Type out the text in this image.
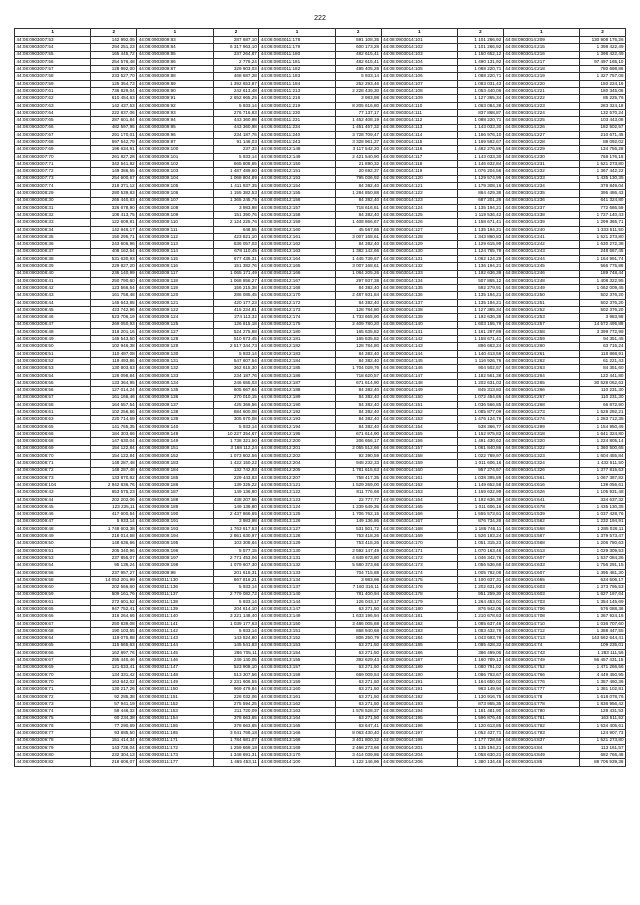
222
1	2	1	2	1	2	1	2	1	2
44:08:0903007:53	142 992,05	44:08:0903009:83	287 687,10	44:08:0903011:178	591 108,35	44:08:0903014:101	1 101 266,92	44:08:0903014:209	130 908 176,26
44:08:0903007:54	294 251,23	44:08:0903009:84	6 317 963,10	44:08:0903011:179	600 173,28	44:08:0903014:102	1 101 266,92	44:08:0903014:215	1 398 422,49
44:08:0903007:55	165 445,72	44:08:0903009:85	337 264,87	44:08:0903011:180	482 615,41	44:08:0903014:103	1 150 652,12	44:08:0903014:216	1 398 422,49
44:08:0903007:56	254 576,48	44:08:0903009:86	2 776,24	44:08:0903011:181	482 615,41	44:08:0903014:104	1 490 131,92	44:08:0903014:217	97 497 165,10
44:08:0903007:57	128 892,00	44:08:0903009:87	329 903,03	44:08:0903011:182	495 405,26	44:08:0903014:105	1 088 220,71	44:08:0903014:218	780 698,86
44:08:0903007:58	233 527,70	44:08:0903009:88	468 687,28	44:08:0903011:183	5 933,14	44:08:0903014:106	1 088 220,71	44:08:0903014:219	1 327 757,08
44:08:0903007:59	125 354,73	44:08:0903009:89	1 392 653,87	44:08:0903011:184	252 293,46	44:08:0903014:107	1 083 031,43	44:08:0903014:220	150 224,16
44:08:0903007:61	736 829,04	44:08:0903009:90	242 613,48	44:08:0903011:213	2 228 439,30	44:08:0903014:108	1 053 440,06	44:08:0903014:221	180 345,06
44:08:0903007:62	610 454,63	44:08:0903009:91	2 652 665,25	44:08:0903011:218	3 983,98	44:08:0903014:109	1 127 365,34	44:08:0903014:222	85 225,76
44:08:0903007:63	142 437,53	44:08:0903009:92	5 933,14	44:08:0903011:219	8 205 616,80	44:08:0903014:110	1 063 084,38	44:08:0903014:223	283 324,18
44:08:0903007:64	222 837,06	44:08:0903009:93	276 716,83	44:08:0903011:230	77 137,17	44:08:0903014:111	837 868,87	44:08:0903014:224	132 570,24
44:08:0903007:65	287 601,84	44:08:0903009:94	443 360,98	44:08:0903011:231	1 452 408,19	44:08:0903014:112	1 088 220,71	44:08:0903014:225	103 443,08
44:08:0903007:66	482 597,95	44:08:0903009:95	443 360,98	44:08:0903011:234	1 451 457,32	44:08:0903014:113	1 143 033,30	44:08:0903014:226	182 502,57
44:08:0903007:67	291 170,01	44:08:0903009:96	234 187,76	44:08:0903011:240	3 728 709,47	44:08:0903014:114	1 166 976,10	44:08:0903014:227	210 671,45
44:08:0903007:68	597 542,79	44:08:0903009:97	91 148,03	44:08:0903011:243	3 328 961,37	44:08:0903014:115	1 169 592,67	44:08:0903014:228	89 092,02
44:08:0903007:69	196 634,91	44:08:0903009:100	237,33	44:08:0903012:148	3 117 542,20	44:08:0903014:116	1 482 276,86	44:08:0903014:229	134 756,28
44:08:0903007:70	261 827,28	44:08:0903009:101	5 933,14	44:08:0903012:149	2 421 540,90	44:08:0903014:117	1 143 033,30	44:08:0903014:230	768 176,18
44:08:0903007:71	342 541,82	44:08:0903009:102	665 808,65	44:08:0903012:150	21 890,32	44:08:0903014:118	1 146 632,84	44:08:0903014:231	1 521 273,80
44:08:0903007:72	149 386,55	44:08:0903009:103	1 487 489,60	44:08:0903012:151	20 692,37	44:08:0903014:119	1 076 204,56	44:08:0903014:232	1 367 442,22
44:08:0903007:73	254 600,67	44:08:0903009:104	1 068 804,89	44:08:0903012:153	795 036,92	44:08:0903014:120	1 129 574,99	44:08:0903014:233	1 435 130,35
44:08:0903007:74	218 371,12	44:08:0903009:105	1 411 937,35	44:08:0903012:154	84 382,40	44:08:0903014:121	1 179 308,16	44:08:0903014:234	378 849,04
44:08:0903008:29	280 539,83	44:08:0903009:106	1 155 382,53	44:08:0903012:155	1 284 850,88	44:08:0903014:122	864 429,38	44:08:0903014:235	395 486,43
44:08:0903008:30	265 440,83	44:08:0903009:107	1 365 245,75	44:08:0903012:156	84 382,40	44:08:0903014:123	687 201,28	44:08:0903014:236	641 324,80
44:08:0903008:31	326 678,90	44:08:0903009:108	3 983,98	44:08:0903012:157	718 616,61	44:08:0903014:124	1 135 194,21	44:08:0903014:237	772 686,59
44:08:0903008:32	108 413,75	44:08:0903009:109	151 390,76	44:08:0903012:158	84 382,40	44:08:0903014:125	1 119 536,42	44:08:0903014:238	1 727 140,43
44:08:0903008:33	122 609,81	44:08:0903009:110	2 124 225,76	44:08:0903012:159	1 408 866,67	44:08:0903014:126	1 158 671,41	44:08:0903014:239	1 299 365,71
44:08:0903008:34	142 846,17	44:08:0903009:111	648,55	44:08:0903012:160	45 567,65	44:08:0903014:127	1 135 194,21	44:08:0903014:240	1 333 511,50
44:08:0903008:35	150 295,71	44:08:0903009:112	423 821,10	44:08:0903012:161	3 007 168,61	44:08:0903014:128	1 343 860,83	44:08:0903014:241	1 521 273,80
44:08:0903008:36	243 606,96	44:08:0903009:113	836 057,03	44:08:0903012:162	84 382,40	44:08:0903014:129	1 129 615,99	44:08:0903014:242	1 630 272,38
44:08:0903008:37	408 162,54	44:08:0903009:114	678 110,45	44:08:0903012:163	1 382 142,66	44:08:0903014:130	1 124 765,79	44:08:0903014:243	248 667,45
44:08:0903008:38	531 630,93	44:08:0903009:115	677 436,31	44:08:0903012:164	1 445 739,67	44:08:0903014:131	1 062 124,29	44:08:0903014:244	1 164 991,74
44:08:0903008:39	229 827,20	44:08:0903009:116	151 382,76	44:08:0903012:165	3 007 168,61	44:08:0903014:132	1 136 194,21	44:08:0903014:245	566 775,88
44:08:0903008:40	236 140,99	44:08:0903009:117	1 065 171,49	44:08:0903012:166	1 084 205,26	44:08:0903014:133	1 192 636,39	44:08:0903014:246	189 748,44
44:08:0903008:41	250 790,60	44:08:0903009:118	1 068 856,27	44:08:0903012:167	297 937,38	44:08:0903014:134	507 865,12	44:08:0903014:248	1 408 322,95
44:08:0903008:42	123 566,54	44:08:0903009:119	156 215,38	44:08:0903012:168	84 382,40	44:08:0903014:135	592 279,91	44:08:0903014:249	1 062 009,45
44:08:0903008:43	161 758,48	44:08:0903009:120	286 085,45	44:08:0903012:170	2 487 931,84	44:08:0903014:136	1 135 194,21	44:08:0903014:250	502 376,20
44:08:0903008:44	145 643,85	44:08:0903009:121	420 177,23	44:08:0903012:172	84 382,40	44:08:0903014:137	1 135 194,21	44:08:0903014:251	502 376,20
44:08:0903008:45	423 742,96	44:08:0903009:122	415 224,81	44:08:0903012:173	128 784,80	44:08:0903014:138	1 127 365,34	44:08:0903014:252	502 376,20
44:08:0903008:46	523 706,19	44:08:0903009:124	274 113,32	44:08:0903012:174	1 733 665,90	44:08:0903014:139	1 192 636,39	44:08:0903014:253	3 983,98
44:08:0903008:47	269 050,93	44:08:0903009:125	126 615,18	44:08:0903012:175	2 409 780,20	44:08:0903014:140	1 603 155,79	44:08:0903014:257	14 572 495,88
44:08:0903008:48	318 201,16	44:08:0903009:127	524 275,68	44:08:0903012:180	165 635,82	44:08:0903014:141	1 161 297,89	44:08:0903014:258	3 399 772,99
44:08:0903008:49	145 543,50	44:08:0903009:128	510 873,45	44:08:0903012:181	165 635,82	44:08:0903014:142	1 158 671,41	44:08:0903014:259	94 351,45
44:08:0903008:50	102 946,38	44:08:0903009:129	2 517 344,73	44:08:0903012:182	128 784,80	44:08:0903014:143	896 663,24	44:08:0903014:260	63 715,24
44:08:0903008:51	110 497,08	44:08:0903009:130	5 933,14	44:08:0903012:183	84 382,40	44:08:0903014:144	1 140 413,56	44:08:0903014:261	118 868,91
44:08:0903008:52	119 493,86	44:08:0903009:131	547 607,54	44:08:0903012:184	84 382,40	44:08:0903014:145	1 116 926,76	44:08:0903014:262	61 221,43
44:08:0903008:53	130 803,63	44:08:0903009:132	362 615,30	44:08:0903012:185	1 704 029,76	44:08:0903014:146	904 502,57	44:08:0903014:263	84 351,60
44:08:0903008:54	126 098,84	44:08:0903009:133	234 187,76	44:08:0903012:186	718 620,57	44:08:0903014:147	1 182 561,38	44:08:0903014:264	122 441,80
44:08:0903008:55	133 364,95	44:08:0903009:134	246 655,03	44:08:0903012:187	671 614,90	44:08:0903014:148	1 202 631,03	44:08:0903014:265	30 528 062,63
44:08:0903008:56	127 014,24	44:08:0903009:135	605 667,64	44:08:0903012:188	84 382,40	44:08:0903014:149	845 313,83	44:08:0903014:266	110 231,30
44:08:0903008:57	161 166,46	44:08:0903009:136	270 010,15	44:08:0903012:189	84 382,40	44:08:0903014:150	1 072 454,66	44:08:0903014:267	110 231,30
44:08:0903008:58	164 557,54	44:08:0903009:137	425 366,56	44:08:0903012:190	84 382,40	44:08:0903014:151	1 036 566,85	44:08:0903014:268	66 872,90
44:08:0903008:61	102 256,86	44:08:0903009:138	684 600,08	44:08:0903012:192	84 382,40	44:08:0903014:152	1 085 877,09	44:08:0903014:273	1 528 292,21
44:08:0903008:63	220 714,69	44:08:0903009:139	305 670,08	44:08:0903012:193	84 382,40	44:08:0903014:153	1 476 124,76	44:08:0903014:274	1 283 712,35
44:08:0903008:65	141 765,35	44:08:0903009:140	5 933,14	44:08:0903012:194	84 382,40	44:08:0903014:154	538 366,77	44:08:0903014:299	1 154 950,46
44:08:0903008:66	184 303,66	44:08:0903009:148	10 227 354,67	44:08:0903012:195	671 614,90	44:08:0903014:155	1 152 975,83	44:08:0903014:318	1 641 324,80
44:08:0903008:68	147 630,04	44:08:0903009:149	1 738 321,50	44:08:0903012:200	206 656,17	44:08:0903014:156	1 491 430,62	44:08:0903014:320	1 224 805,14
44:08:0903008:69	154 122,84	44:08:0903009:151	3 168 112,24	44:08:0903012:201	2 055 512,66	44:08:0903014:157	1 061 840,86	44:08:0903014:322	1 360 500,65
44:08:0903008:70	154 122,84	44:08:0903009:152	1 073 602,56	44:08:0903012:202	92 390,59	44:08:0903014:158	1 022 769,97	44:08:0903014:323	1 604 455,84
44:08:0903008:71	148 287,48	44:08:0903009:183	1 422 150,22	44:08:0903012:204	948 232,33	44:08:0903014:159	1 011 606,16	44:08:0903014:324	1 432 511,50
44:08:0903008:72	148 287,48	44:08:0903009:184	132 742,93	44:08:0903012:205	1 781 615,63	44:08:0903014:160	957 274,57	44:08:0903014:326	1 377 815,63
44:08:0903008:73	133 870,82	44:08:0903009:185	229 443,83	44:08:0903012:207	758 417,35	44:08:0903014:161	1 038 395,89	44:08:0903014:561	1 067 387,82
44:08:0903008:104	2 942 836,76	44:08:0903009:186	139 325,22	44:08:0903013:121	1 529 269,00	44:08:0903014:162	1 149 652,58	44:08:0903014:616	139 056,61
44:08:0903009:43	653 575,23	44:08:0903009:187	149 136,80	44:08:0903013:122	811 776,68	44:08:0903014:163	1 159 632,99	44:08:0903014:626	1 105 931,48
44:08:0903009:44	202 202,06	44:08:0903009:188	438 207,66	44:08:0903013:123	22 777,77	44:08:0903014:164	1 192 636,39	44:08:0903014:641	334 637,32
44:08:0903009:45	123 235,11	44:08:0903009:189	149 136,80	44:08:0903013:124	1 239 649,36	44:08:0903014:165	1 011 606,16	44:08:0903014:678	1 435 130,35
44:08:0903009:46	417 600,54	44:08:0903009:190	2 437 866,65	44:08:0903013:125	1 706 762,15	44:08:0903014:166	1 555 573,61	44:08:0903014:539	1 037 428,76
44:08:0903009:47	5 933,14	44:08:0903009:191	3 983,98	44:08:0903013:126	149 136,86	44:08:0903014:167	876 734,26	44:08:0903014:562	1 232 194,91
44:08:0903009:48	1 748 603,38	44:08:0903009:193	1 763 617,53	44:08:0903013:127	531 501,72	44:08:0903014:168	1 186 746,11	44:08:0903014:568	1 285 026,11
44:08:0903009:49	218 014,68	44:08:0903009:194	2 861 630,97	44:08:0903013:128	753 418,26	44:08:0903014:169	1 526 193,24	44:08:0903014:567	1 379 573,47
44:08:0903009:50	148 636,66	44:08:0903009:195	103 308,64	44:08:0903013:129	753 418,26	44:08:0903014:170	1 051 315,23	44:08:0903014:568	1 206 780,63
44:08:0903009:51	205 340,96	44:08:0903009:196	5 577,15	44:08:0903013:130	2 592 147,49	44:08:0903014:171	1 070 163,46	44:08:0903014:613	1 029 309,53
44:08:0903009:53	237 855,07	44:08:0903009:197	2 771 453,06	44:08:0903013:131	4 849 673,80	44:08:0903014:172	1 046 342,76	44:08:0903014:607	1 537 084,36
44:08:0903009:54	95 136,24	44:08:0903009:198	1 079 607,30	44:08:0903013:132	5 580 373,66	44:08:0903014:173	1 056 536,68	44:08:0903014:633	1 756 291,15
44:08:0903009:56	237 957,27	44:08:0903009:98	201 618,31	44:08:0903013:133	704 715,88	44:08:0903014:174	1 005 792,08	44:08:0903014:607	1 395 481,30
44:08:0903009:58	14 053 201,99	44:08:0903011:130	667 816,21	44:08:0903013:134	3 983,98	44:08:0903014:175	1 100 637,31	44:08:0903014:665	634 506,17
44:08:0903009:60	202 566,60	44:08:0903011:136	5 933,14	44:08:0903013:137	7 160 316,11	44:08:0903014:176	1 202 631,93	44:08:0903014:603	1 373 795,53
44:08:0903009:59	509 161,76	44:08:0903011:137	2 779 082,72	44:08:0903013:140	781 400,94	44:08:0903014:178	951 259,30	44:08:0903014:603	1 627 167,64
44:08:0903009:61	272 601,52	44:08:0903011:138	5 933,14	44:08:0903013:144	126 043,17	44:08:0903014:179	1 264 453,01	44:08:0903014:703	1 354 145,69
44:08:0903009:65	947 752,41	44:08:0903011:139	204 614,10	44:08:0903013:147	63 271,50	44:08:0903014:180	876 942,06	44:08:0903014:706	576 088,36
44:08:0903009:66	316 264,66	44:08:0903011:140	3 221 148,40	44:08:0903013:149	1 633 196,94	44:08:0903014:181	1 210 678,63	44:08:0903014:708	1 367 924,16
44:08:0903009:67	250 839,08	44:08:0903011:141	1 039 177,63	44:08:0903013:150	3 486 005,68	44:08:0903014:182	1 085 637,46	44:08:0903014:710	1 036 707,60
44:08:0903009:68	190 103,55	44:08:0903011:142	5 933,14	44:08:0903013:151	868 940,68	44:08:0903014:183	1 053 432,79	44:08:0903014:712	1 388 447,55
44:08:0903009:64	119 075,88	44:08:0903011:143	143 524,80	44:08:0903013:152	806 250,79	44:08:0903014:184	1 043 693,79	44:08:0903014:713	143 562 644,41
44:08:0903009:65	115 565,63	44:08:0903011:144	145 541,83	44:08:0903013:153	63 271,50	44:08:0903014:185	1 085 428,32	44:08:0903014:74	109 235,01
44:08:0903009:66	162 897,76	44:08:0903011:145	286 705,11	44:08:0903013:154	63 271,50	44:08:0903014:186	386 499,06	44:08:0903014:743	1 283 111,56
44:08:0903009:67	295 440,46	44:08:0903011:146	249 140,05	44:08:0903013:155	392 629,43	44:08:0903014:187	1 160 789,13	44:08:0903014:749	56 457 431,15
44:08:0903009:69	121 633,41	44:08:0903011:147	523 908,10	44:08:0903013:157	63 271,50	44:08:0903014:189	1 080 791,02	44:08:0903014:752	1 471 266,56
44:08:0903009:70	134 331,42	44:08:0903011:148	513 307,56	44:08:0903013:158	669 009,54	44:08:0903014:190	1 086 793,67	44:08:0903014:766	4 449 450,95
44:08:0903009:70	163 642,02	44:08:0903011:149	2 231 606,55	44:08:0903013:159	63 271,50	44:08:0903014:191	1 164 650,02	44:08:0903014:776	1 357 460,36
44:08:0903009:71	130 217,26	44:08:0903011:150	969 479,84	44:08:0903013:160	63 271,50	44:08:0903014:191	963 149,94	44:08:0903014:777	1 381 102,81
44:08:0903009:72	92 285,38	44:08:0903011:151	226 032,06	44:08:0903013:161	63 271,50	44:08:0903014:192	1 130 916,75	44:08:0903014:78	1 618 078,76
44:08:0903009:73	57 941,19	44:08:0903011:152	275 594,25	44:08:0903013:162	63 271,50	44:08:0903014:193	873 955,35	44:08:0903014:778	1 836 956,42
44:08:0903009:74	59 446,32	44:08:0903011:153	211 720,09	44:08:0903013:163	1 578 528,37	44:08:0903014:194	1 181 481,90	44:08:0903014:780	128 431,53
44:08:0903009:75	60 234,38	44:08:0903011:154	378 663,65	44:08:0903013:164	63 271,50	44:08:0903014:195	1 596 876,45	44:08:0903014:781	163 511,52
44:08:0903009:76	77 290,69	44:08:0903011:155	378 663,65	44:08:0903013:165	63 647,41	44:08:0903014:196	1 120 613,85	44:08:0903014:782	1 534 405,61
44:08:0903009:77	93 885,50	44:08:0903011:165	3 041 766,18	44:08:0903013:166	8 063 430,40	44:08:0903014:197	1 052 437,71	44:08:0903014:783	124 907,73
44:08:0903009:78	151 414,34	44:08:0903011:171	1 784 681,07	44:08:0903013:168	3 401 800,32	44:08:0903014:198	1 177 728,56	44:08:0903014:837	1 521 273,80
44:08:0903009:79	143 738,04	44:08:0903011:172	1 259 669,18	44:08:0903013:169	2 466 273,66	44:08:0903014:201	1 135 194,21	44:08:0903014:84	113 161,57
44:08:0903009:80	232 304,13	44:08:0903011:173	1 348 691,31	44:08:0903013:170	3 414 039,86	44:08:0903014:204	1 058 630,21	44:08:0903014:849	682 766,48
44:08:0903009:82	218 606,07	44:08:0903011:177	1 465 453,11	44:08:0903014:100	1 122 146,96	44:08:0903014:206	1 380 134,46	44:08:0903014:85	88 706 939,36
